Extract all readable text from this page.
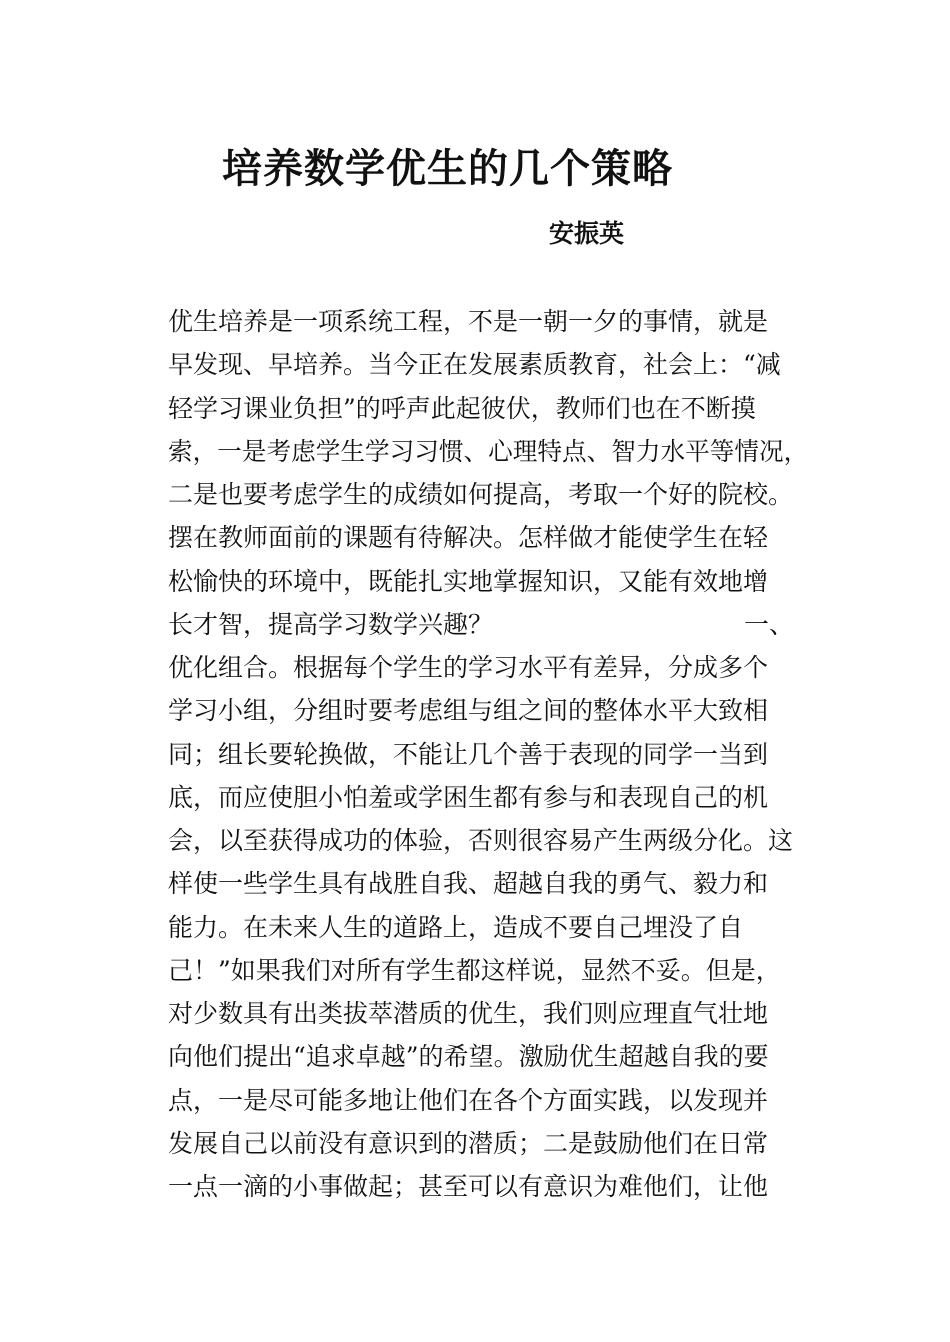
培养数学优生的几个策略
安振英
优生培养是一项系统工程，不是一朝一夕的事情，就是
早发现、早培养。当今正在发展素质教育，社会上：“减
轻学习课业负担”的呼声此起彼伏，教师们也在不断摸
索，一是考虑学生学习习惯、心理特点、智力水平等情况，
二是也要考虑学生的成绩如何提高，考取一个好的院校。
摆在教师面前的课题有待解决。怎样做才能使学生在轻
松愉快的环境中，既能扎实地掌握知识，又能有效地增
长才智，提高学习数学兴趣？	一、
优化组合。根据每个学生的学习水平有差异，分成多个
学习小组，分组时要考虑组与组之间的整体水平大致相
同；组长要轮换做，不能让几个善于表现的同学一当到
底，而应使胆小怕羞或学困生都有参与和表现自己的机
会，以至获得成功的体验，否则很容易产生两级分化。这
样使一些学生具有战胜自我、超越自我的勇气、毅力和
能力。在未来人生的道路上，造成不要自己埋没了自
己！”如果我们对所有学生都这样说，显然不妥。但是，
对少数具有出类拔萃潜质的优生，我们则应理直气壮地
向他们提出“追求卓越”的希望。激励优生超越自我的要
点，一是尽可能多地让他们在各个方面实践，以发现并
发展自己以前没有意识到的潜质；二是鼓励他们在日常
一点一滴的小事做起；甚至可以有意识为难他们，让他
